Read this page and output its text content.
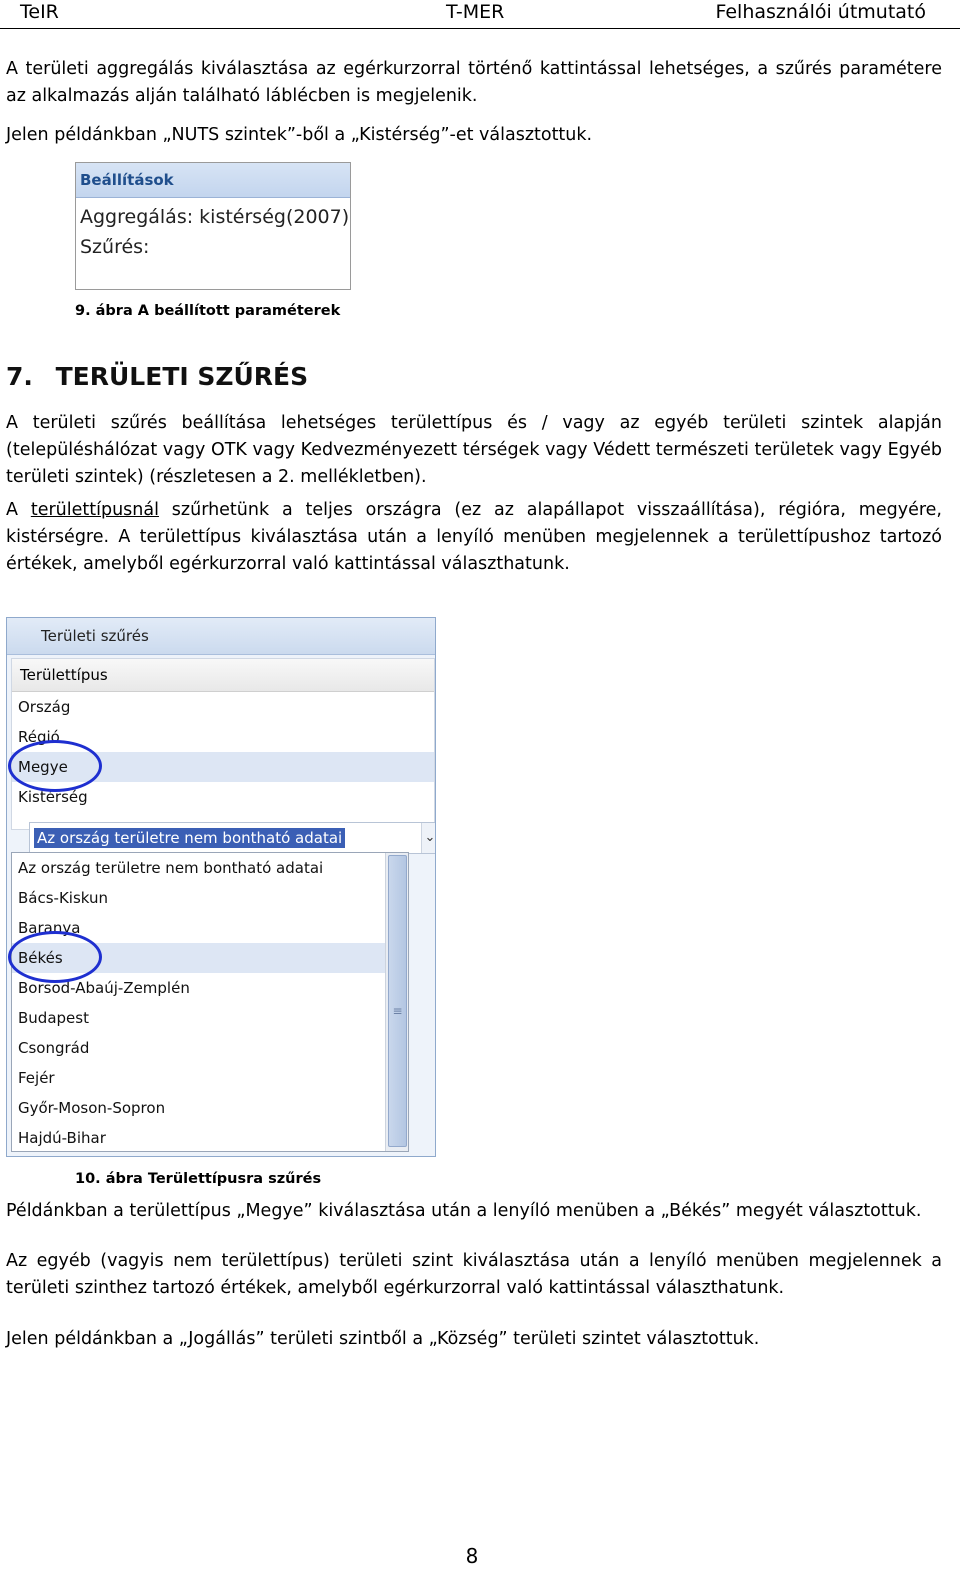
TeIR	T-MER	Felhasználói útmutató

A területi aggregálás kiválasztása az egérkurzorral történő kattintással lehetséges, a szűrés paramétere az alkalmazás alján található láblécben is megjelenik.

Jelen példánkban „NUTS szintek”-ből a „Kistérség”-et választottuk.

Beállítások
Aggregálás: kistérség(2007)
Szűrés:
9. ábra A beállított paraméterek
7. TERÜLETI SZŰRÉS

A területi szűrés beállítása lehetséges területtípus és / vagy az egyéb területi szintek alapján (településhálózat vagy OTK vagy Kedvezményezett térségek vagy Védett természeti területek vagy Egyéb területi szintek) (részletesen a 2. mellékletben).

A területtípusnál szűrhetünk a teljes országra (ez az alapállapot visszaállítása), régióra, megyére, kistérségre. A területtípus kiválasztása után a lenyíló menüben megjelennek a területtípushoz tartozó értékek, amelyből egérkurzorral való kattintással választhatunk.

Területi szűrés
Területtípus
Ország
Régió
Megye
Kistérség
Az ország területre nem bontható adatai	⌄
Az ország területre nem bontható adatai
Bács-Kiskun
Baranya
Békés
Borsod-Abaúj-Zemplén
Budapest
Csongrád
Fejér
Győr-Moson-Sopron
Hajdú-Bihar
≡
10. ábra Területtípusra szűrés

Példánkban a területtípus „Megye” kiválasztása után a lenyíló menüben a „Békés” megyét választottuk.

Az egyéb (vagyis nem területtípus) területi szint kiválasztása után a lenyíló menüben megjelennek a területi szinthez tartozó értékek, amelyből egérkurzorral való kattintással választhatunk.

Jelen példánkban a „Jogállás” területi szintből a „Község” területi szintet választottuk.

8
